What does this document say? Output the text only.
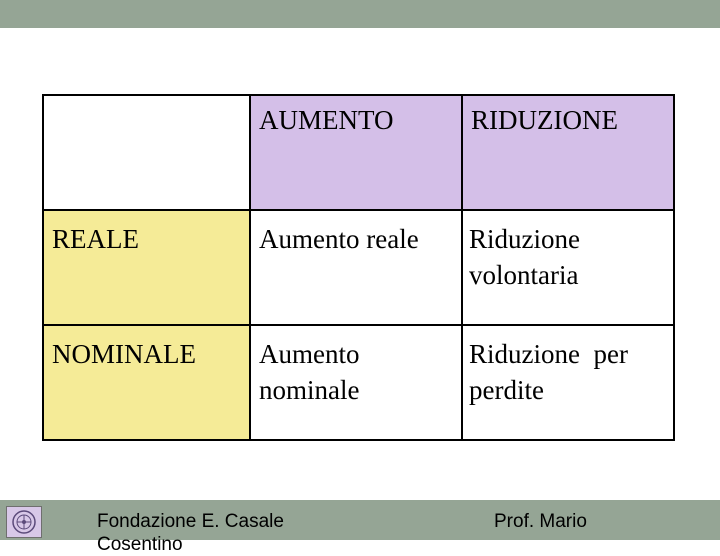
	AUMENTO	RIDUZIONE

REALE	Aumento reale	Riduzione volontaria

NOMINALE	Aumento nominale	Riduzione  per perdite
Fondazione E. Casale
Cosentino
Prof. Mario
